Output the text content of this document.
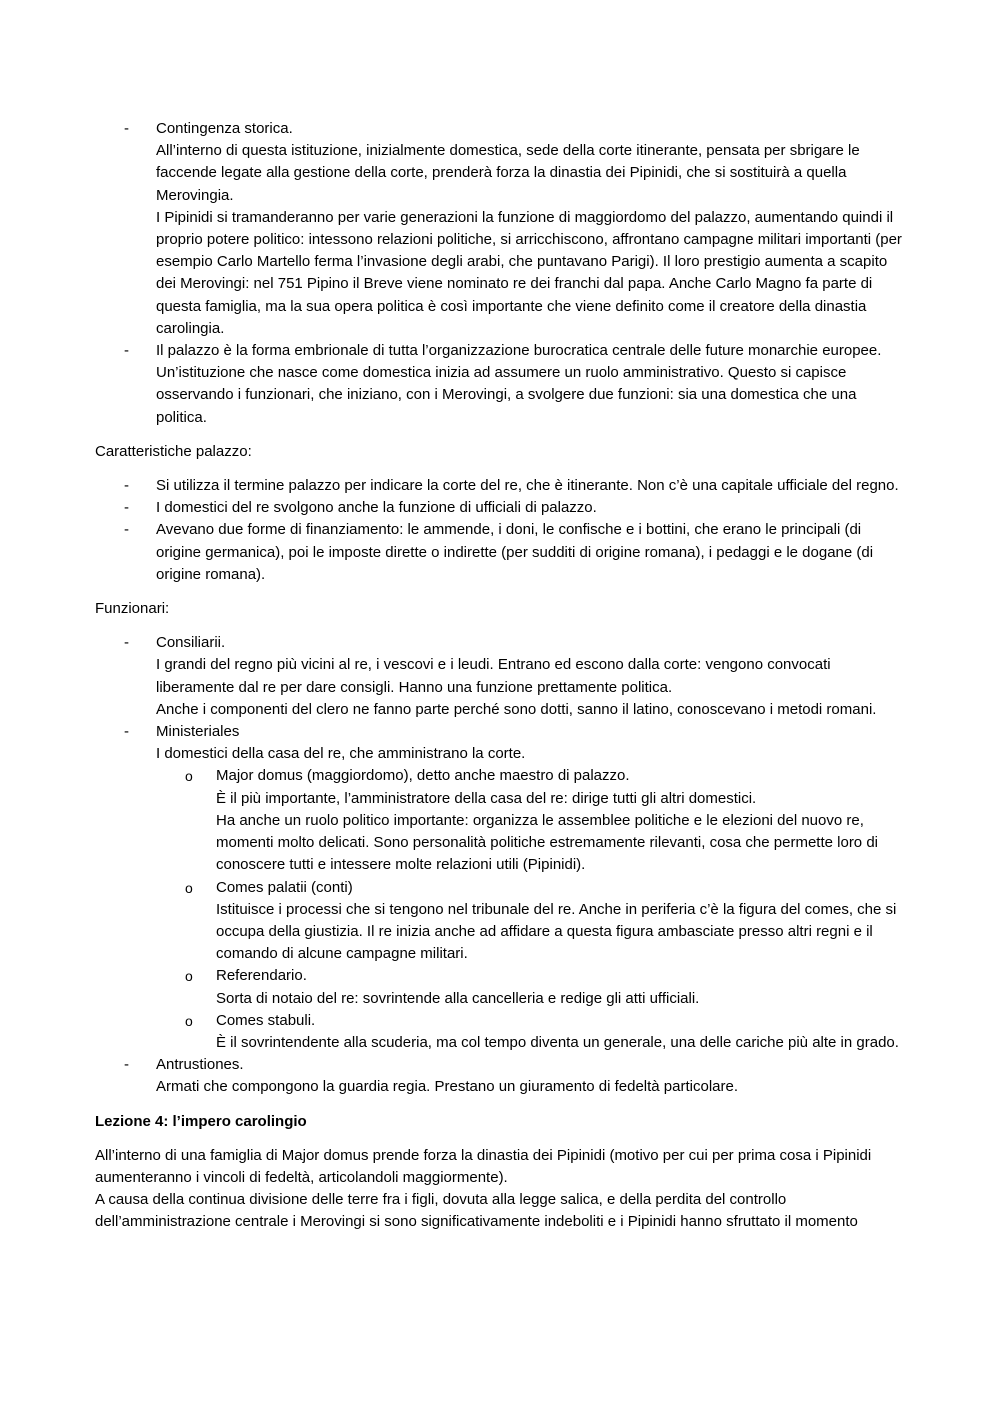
- Contingenza storica.
All’interno di questa istituzione, inizialmente domestica, sede della corte itinerante, pensata per sbrigare le faccende legate alla gestione della corte, prenderà forza la dinastia dei Pipinidi, che si sostituirà a quella Merovingia.
I Pipinidi si tramanderanno per varie generazioni la funzione di maggiordomo del palazzo, aumentando quindi il proprio potere politico: intessono relazioni politiche, si arricchiscono, affrontano campagne militari importanti (per esempio Carlo Martello ferma l’invasione degli arabi, che puntavano Parigi). Il loro prestigio aumenta a scapito dei Merovingi: nel 751 Pipino il Breve viene nominato re dei franchi dal papa. Anche Carlo Magno fa parte di questa famiglia, ma la sua opera politica è così importante che viene definito come il creatore della dinastia carolingia.
- Il palazzo è la forma embrionale di tutta l’organizzazione burocratica centrale delle future monarchie europee.
Un’istituzione che nasce come domestica inizia ad assumere un ruolo amministrativo. Questo si capisce osservando i funzionari, che iniziano, con i Merovingi, a svolgere due funzioni: sia una domestica che una politica.
Caratteristiche palazzo:
- Si utilizza il termine palazzo per indicare la corte del re, che è itinerante. Non c’è una capitale ufficiale del regno.
- I domestici del re svolgono anche la funzione di ufficiali di palazzo.
- Avevano due forme di finanziamento: le ammende, i doni, le confische e i bottini, che erano le principali (di origine germanica), poi le imposte dirette o indirette (per sudditi di origine romana), i pedaggi e le dogane (di origine romana).
Funzionari:
- Consiliarii.
I grandi del regno più vicini al re, i vescovi e i leudi. Entrano ed escono dalla corte: vengono convocati liberamente dal re per dare consigli. Hanno una funzione prettamente politica.
Anche i componenti del clero ne fanno parte perché sono dotti, sanno il latino, conoscevano i metodi romani.
- Ministeriales
I domestici della casa del re, che amministrano la corte.
o Major domus (maggiordomo), detto anche maestro di palazzo.
È il più importante, l’amministratore della casa del re: dirige tutti gli altri domestici.
Ha anche un ruolo politico importante: organizza le assemblee politiche e le elezioni del nuovo re, momenti molto delicati. Sono personalità politiche estremamente rilevanti, cosa che permette loro di conoscere tutti e intessere molte relazioni utili (Pipinidi).
o Comes palatii (conti)
Istituisce i processi che si tengono nel tribunale del re. Anche in periferia c’è la figura del comes, che si occupa della giustizia. Il re inizia anche ad affidare a questa figura ambasciate presso altri regni e il comando di alcune campagne militari.
o Referendario.
Sorta di notaio del re: sovrintende alla cancelleria e redige gli atti ufficiali.
o Comes stabuli.
È il sovrintendente alla scuderia, ma col tempo diventa un generale, una delle cariche più alte in grado.
- Antrustiones.
Armati che compongono la guardia regia. Prestano un giuramento di fedeltà particolare.
Lezione 4: l’impero carolingio

All’interno di una famiglia di Major domus prende forza la dinastia dei Pipinidi (motivo per cui per prima cosa i Pipinidi aumenteranno i vincoli di fedeltà, articolandoli maggiormente).

A causa della continua divisione delle terre fra i figli, dovuta alla legge salica, e della perdita del controllo dell’amministrazione centrale i Merovingi si sono significativamente indeboliti e i Pipinidi hanno sfruttato il momento
